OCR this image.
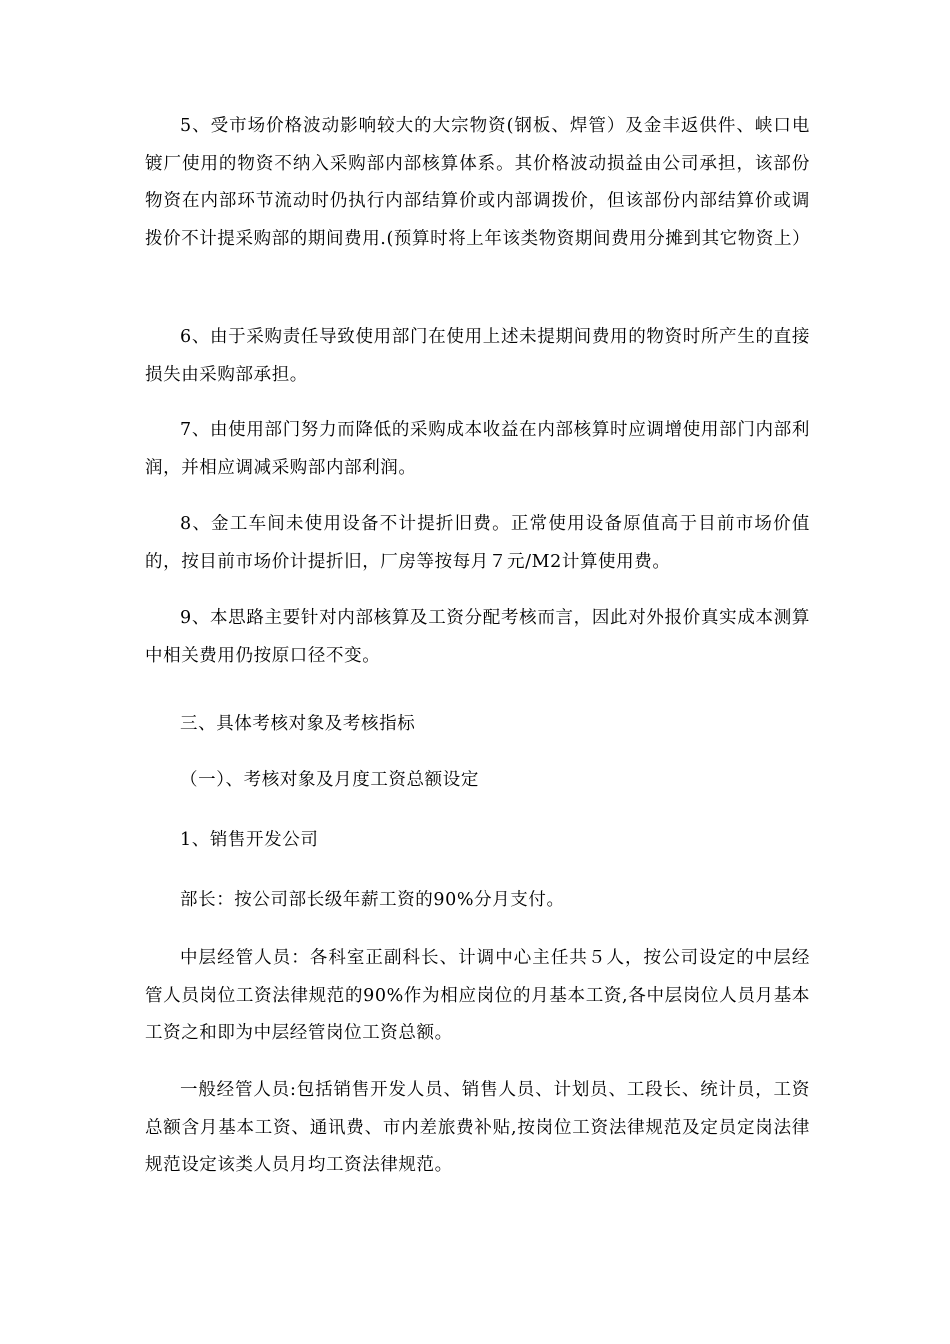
5、受市场价格波动影响较大的大宗物资(钢板、焊管）及金丰返供件、峡口电镀厂使用的物资不纳入采购部内部核算体系。其价格波动损益由公司承担，该部份物资在内部环节流动时仍执行内部结算价或内部调拨价，但该部份内部结算价或调拨价不计提采购部的期间费用.(预算时将上年该类物资期间费用分摊到其它物资上）

6、由于采购责任导致使用部门在使用上述未提期间费用的物资时所产生的直接损失由采购部承担。

7、由使用部门努力而降低的采购成本收益在内部核算时应调增使用部门内部利润，并相应调减采购部内部利润。

8、金工车间未使用设备不计提折旧费。正常使用设备原值高于目前市场价值的，按目前市场价计提折旧，厂房等按每月７元/M2计算使用费。

9、本思路主要针对内部核算及工资分配考核而言，因此对外报价真实成本测算中相关费用仍按原口径不变。

三、具体考核对象及考核指标

（一）、考核对象及月度工资总额设定

1、销售开发公司

部长：按公司部长级年薪工资的90%分月支付。

中层经管人员：各科室正副科长、计调中心主任共５人，按公司设定的中层经管人员岗位工资法律规范的90%作为相应岗位的月基本工资,各中层岗位人员月基本工资之和即为中层经管岗位工资总额。

一般经管人员:包括销售开发人员、销售人员、计划员、工段长、统计员，工资总额含月基本工资、通讯费、市内差旅费补贴,按岗位工资法律规范及定员定岗法律规范设定该类人员月均工资法律规范。
